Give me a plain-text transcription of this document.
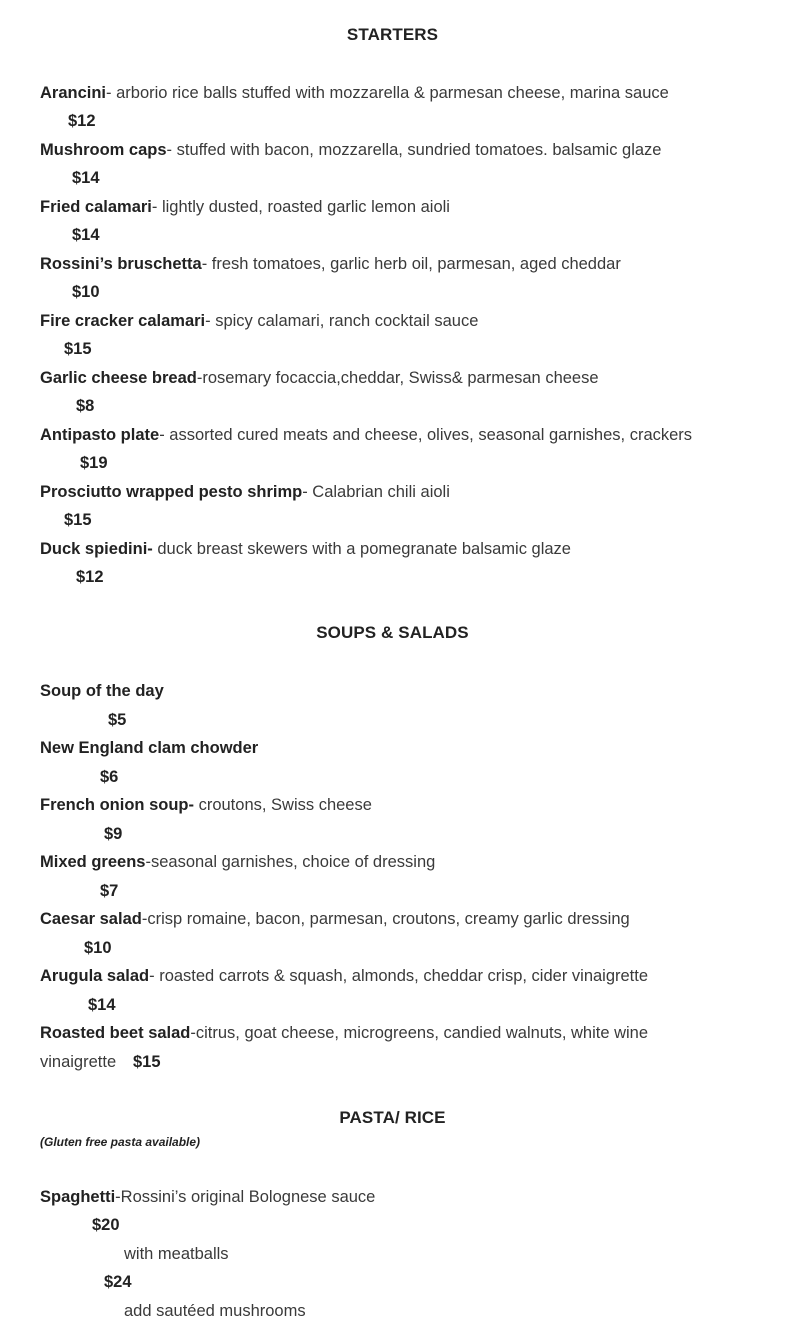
STARTERS
Arancini- arborio rice balls stuffed with mozzarella & parmesan cheese, marina sauce
$12
Mushroom caps- stuffed with bacon, mozzarella, sundried tomatoes. balsamic glaze
$14
Fried calamari- lightly dusted, roasted garlic lemon aioli
$14
Rossini’s bruschetta- fresh tomatoes, garlic herb oil, parmesan, aged cheddar
$10
Fire cracker calamari- spicy calamari, ranch cocktail sauce
$15
Garlic cheese bread-rosemary focaccia,cheddar, Swiss& parmesan cheese
$8
Antipasto plate- assorted cured meats and cheese, olives, seasonal garnishes, crackers
$19
Prosciutto wrapped pesto shrimp- Calabrian chili aioli
$15
Duck spiedini- duck breast skewers with a pomegranate balsamic glaze
$12
SOUPS & SALADS
Soup of the day
$5
New England clam chowder
$6
French onion soup- croutons, Swiss cheese
$9
Mixed greens-seasonal garnishes, choice of dressing
$7
Caesar salad-crisp romaine, bacon, parmesan, croutons, creamy garlic dressing
$10
Arugula salad- roasted carrots & squash, almonds, cheddar crisp, cider vinaigrette
$14
Roasted beet salad-citrus, goat cheese, microgreens, candied walnuts, white wine
vinaigrette $15
PASTA/ RICE
(Gluten free pasta available)
Spaghetti-Rossini’s original Bolognese sauce
$20
with meatballs
$24
add sautéed mushrooms
